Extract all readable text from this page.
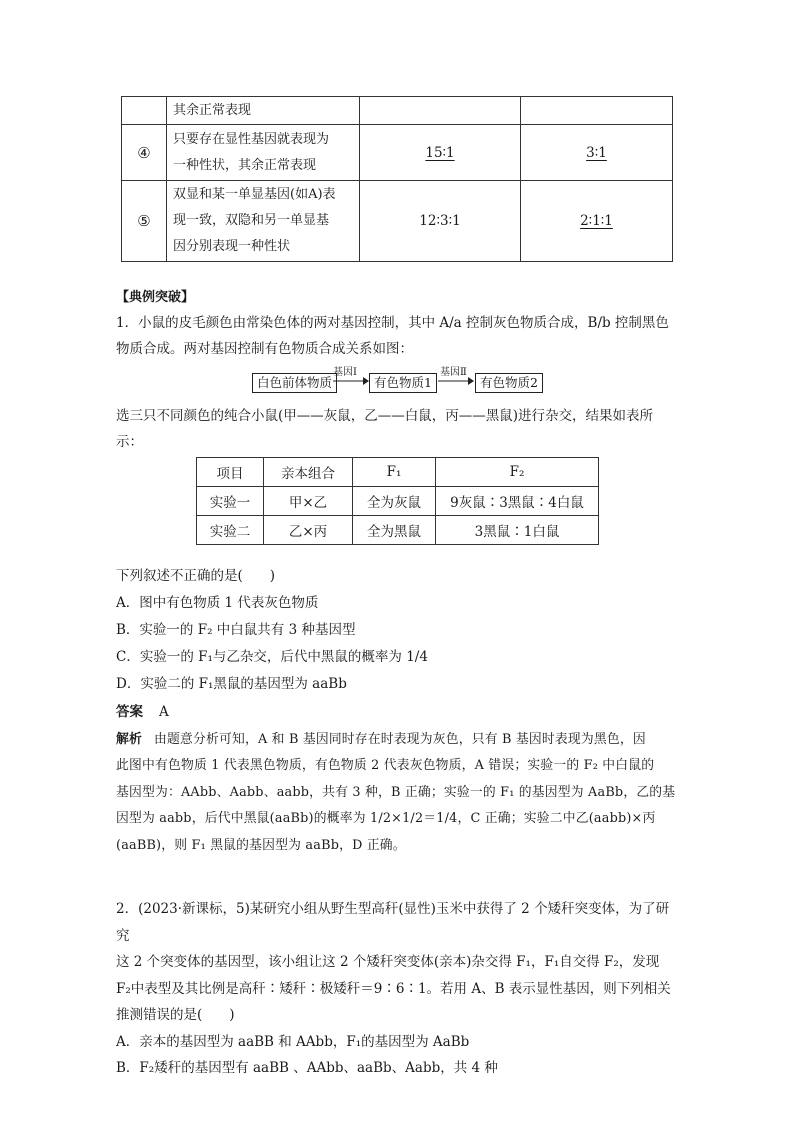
	其余正常表现		
④	只要存在显性基因就表现为
一种性状，其余正常表现	15∶1	3∶1
⑤	双显和某一单显基因(如A)表
现一致，双隐和另一单显基
因分别表现一种性状	12∶3∶1	2∶1∶1
【典例突破】
1．小鼠的皮毛颜色由常染色体的两对基因控制，其中 A/a 控制灰色物质合成，B/b 控制黑色
物质合成。两对基因控制有色物质合成关系如图：
白色前体物质
基因Ⅰ
有色物质1
基因Ⅱ
有色物质2
选三只不同颜色的纯合小鼠(甲——灰鼠，乙——白鼠，丙——黑鼠)进行杂交，结果如表所
示：
项目	亲本组合	F₁	F₂
实验一	甲×乙	全为灰鼠	9灰鼠∶3黑鼠∶4白鼠
实验二	乙×丙	全为黑鼠	3黑鼠∶1白鼠
下列叙述不正确的是(　　)
A．图中有色物质 1 代表灰色物质
B．实验一的 F₂ 中白鼠共有 3 种基因型
C．实验一的 F₁与乙杂交，后代中黑鼠的概率为 1/4
D．实验二的 F₁黑鼠的基因型为 aaBb
答案 A
解析 由题意分析可知，A 和 B 基因同时存在时表现为灰色，只有 B 基因时表现为黑色，因
此图中有色物质 1 代表黑色物质，有色物质 2 代表灰色物质，A 错误；实验一的 F₂ 中白鼠的
基因型为：AAbb、Aabb、aabb，共有 3 种，B 正确；实验一的 F₁ 的基因型为 AaBb，乙的基
因型为 aabb，后代中黑鼠(aaBb)的概率为 1/2×1/2＝1/4，C 正确；实验二中乙(aabb)×丙
(aaBB)，则 F₁ 黑鼠的基因型为 aaBb，D 正确。
2．(2023·新课标，5)某研究小组从野生型高秆(显性)玉米中获得了 2 个矮秆突变体，为了研究
这 2 个突变体的基因型，该小组让这 2 个矮秆突变体(亲本)杂交得 F₁，F₁自交得 F₂，发现
F₂中表型及其比例是高秆∶矮秆∶极矮秆＝9∶6∶1。若用 A、B 表示显性基因，则下列相关
推测错误的是(　　)
A．亲本的基因型为 aaBB 和 AAbb，F₁的基因型为 AaBb
B．F₂矮秆的基因型有 aaBB 、AAbb、aaBb、Aabb，共 4 种
